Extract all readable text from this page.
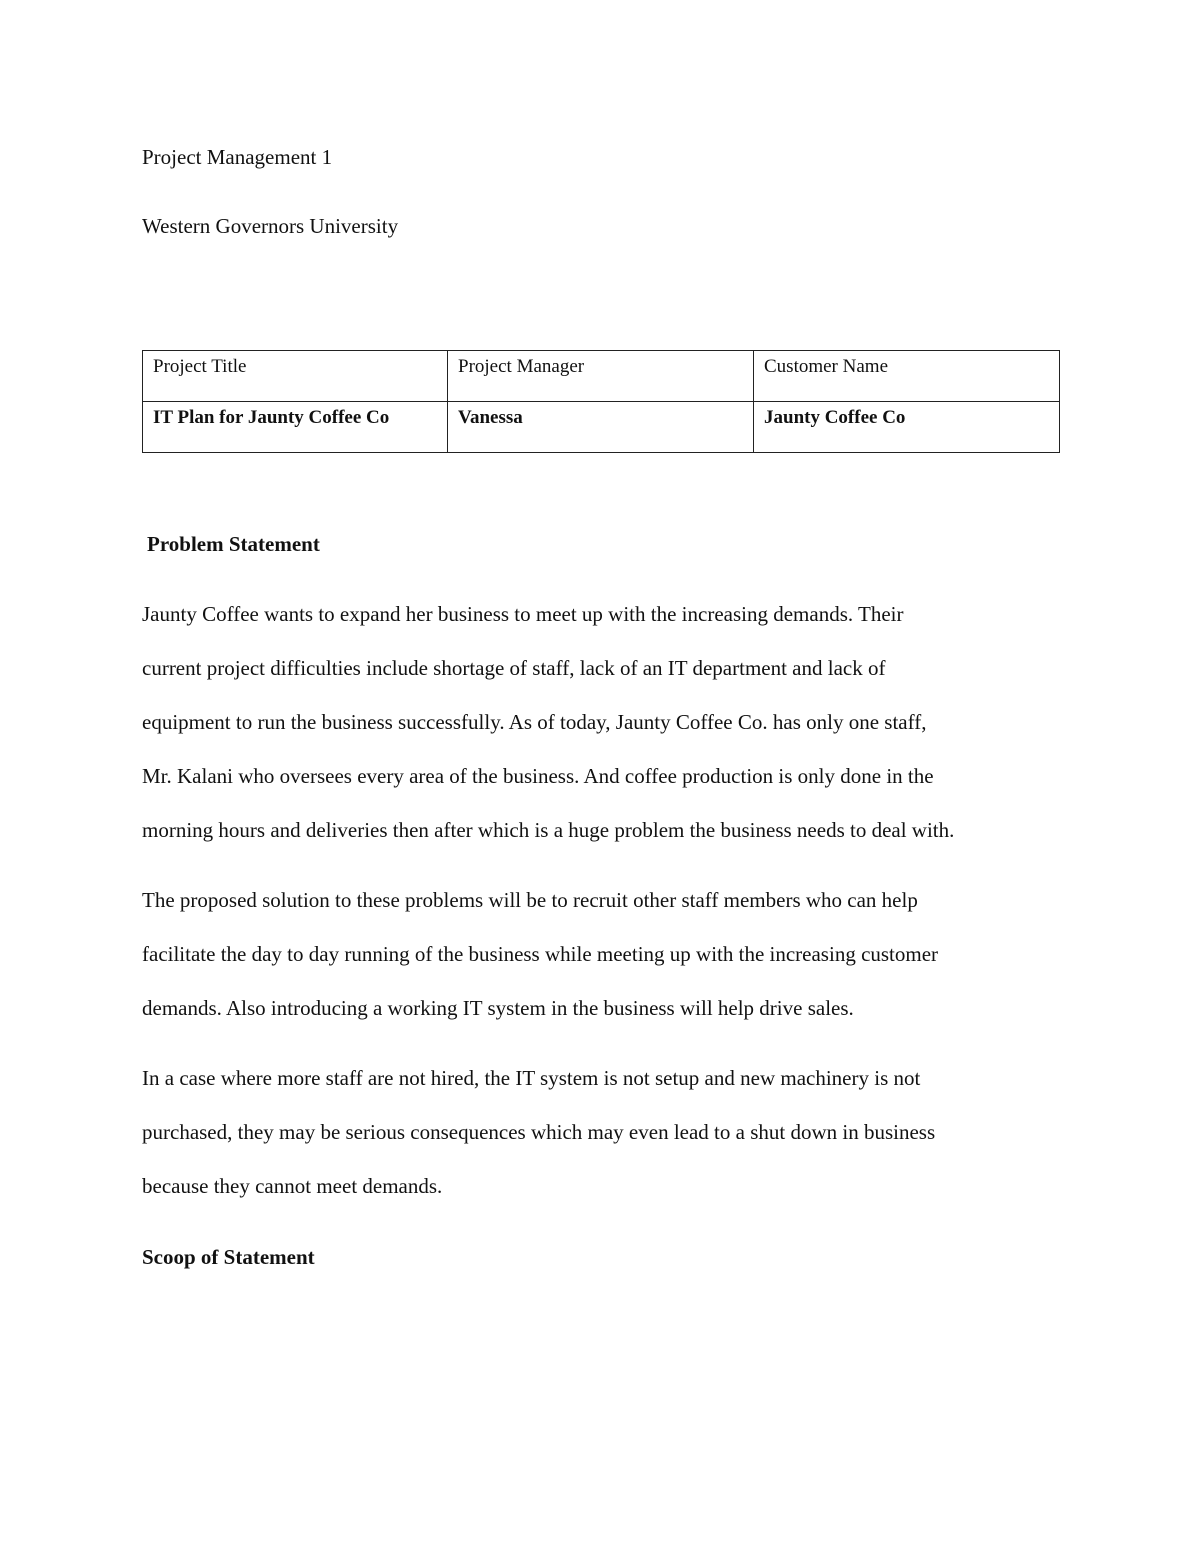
Project Management 1
Western Governors University
Project Title	Project Manager	Customer Name
IT Plan for Jaunty Coffee Co	Vanessa	Jaunty Coffee Co
Problem Statement
Jaunty Coffee wants to expand her business to meet up with the increasing demands. Their
current project difficulties include shortage of staff, lack of an IT department and lack of
equipment to run the business successfully. As of today, Jaunty Coffee Co. has only one staff,
Mr. Kalani who oversees every area of the business. And coffee production is only done in the
morning hours and deliveries then after which is a huge problem the business needs to deal with.
The proposed solution to these problems will be to recruit other staff members who can help
facilitate the day to day running of the business while meeting up with the increasing customer
demands. Also introducing a working IT system in the business will help drive sales.
In a case where more staff are not hired, the IT system is not setup and new machinery is not
purchased, they may be serious consequences which may even lead to a shut down in business
because they cannot meet demands.
Scoop of Statement
